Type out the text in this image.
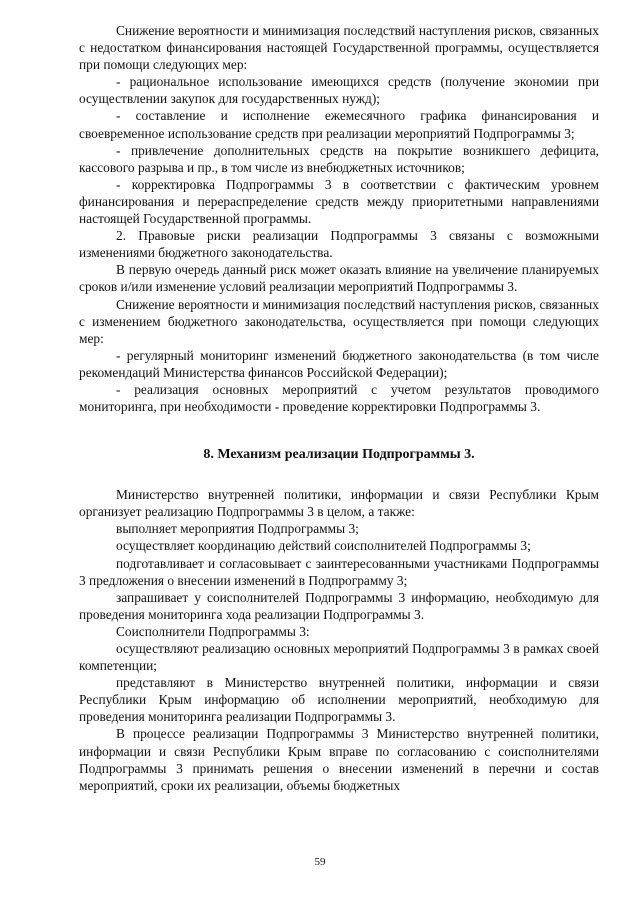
Снижение вероятности и минимизация последствий наступления рисков, связанных с недостатком финансирования настоящей Государственной программы, осуществляется при помощи следующих мер:

- рациональное использование имеющихся средств (получение экономии при осуществлении закупок для государственных нужд);

- составление и исполнение ежемесячного графика финансирования и своевременное использование средств при реализации мероприятий Подпрограммы 3;

- привлечение дополнительных средств на покрытие возникшего дефицита, кассового разрыва и пр., в том числе из внебюджетных источников;

- корректировка Подпрограммы 3 в соответствии с фактическим уровнем финансирования и перераспределение средств между приоритетными направлениями настоящей Государственной программы.

2. Правовые риски реализации Подпрограммы 3 связаны с возможными изменениями бюджетного законодательства.

В первую очередь данный риск может оказать влияние на увеличение планируемых сроков и/или изменение условий реализации мероприятий Подпрограммы 3.

Снижение вероятности и минимизация последствий наступления рисков, связанных с изменением бюджетного законодательства, осуществляется при помощи следующих мер:

- регулярный мониторинг изменений бюджетного законодательства (в том числе рекомендаций Министерства финансов Российской Федерации);

- реализация основных мероприятий с учетом результатов проводимого мониторинга, при необходимости - проведение корректировки Подпрограммы 3.

8. Механизм реализации Подпрограммы 3.

Министерство внутренней политики, информации и связи Республики Крым организует реализацию Подпрограммы 3 в целом, а также:

выполняет мероприятия Подпрограммы 3;

осуществляет координацию действий соисполнителей Подпрограммы 3;

подготавливает и согласовывает с заинтересованными участниками Подпрограммы 3 предложения о внесении изменений в Подпрограмму 3;

запрашивает у соисполнителей Подпрограммы 3 информацию, необходимую для проведения мониторинга хода реализации Подпрограммы 3.

Соисполнители Подпрограммы 3:

осуществляют реализацию основных мероприятий Подпрограммы 3 в рамках своей компетенции;

представляют в Министерство внутренней политики, информации и связи Республики Крым информацию об исполнении мероприятий, необходимую для проведения мониторинга реализации Подпрограммы 3.

В процессе реализации Подпрограммы 3 Министерство внутренней политики, информации и связи Республики Крым вправе по согласованию с соисполнителями Подпрограммы 3 принимать решения о внесении изменений в перечни и состав мероприятий, сроки их реализации, объемы бюджетных

59
